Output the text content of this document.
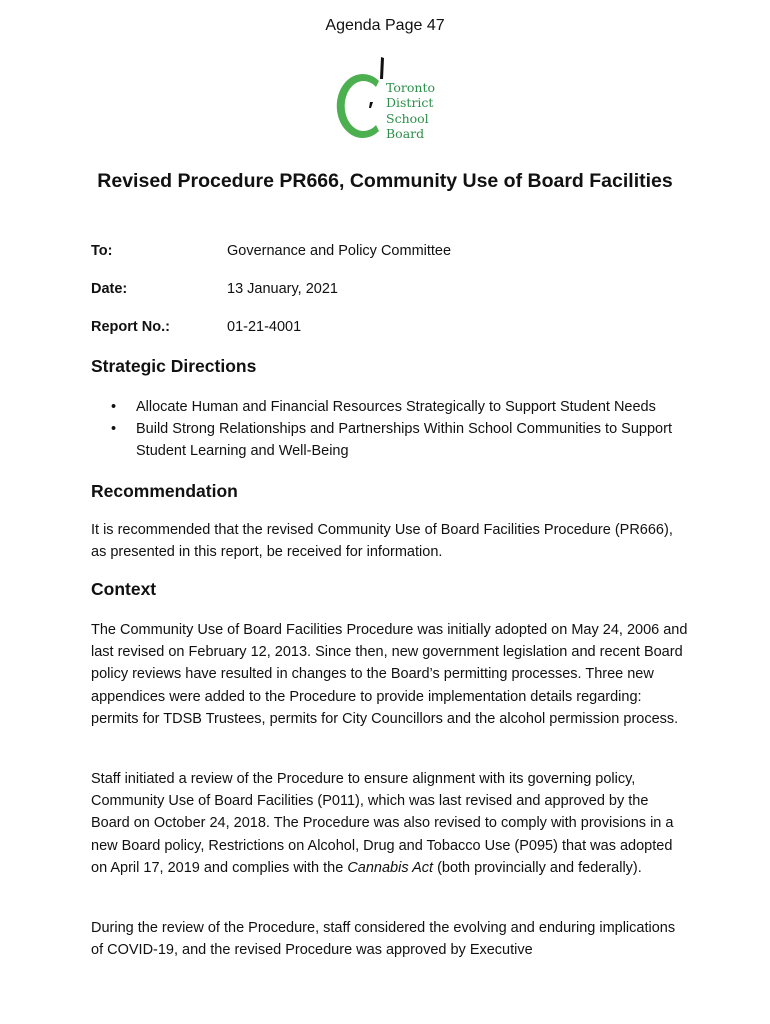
Agenda Page 47
Toronto
District
School
Board
Revised Procedure PR666, Community Use of Board Facilities
To:	Governance and Policy Committee
Date:	13 January, 2021
Report No.:	01-21-4001
Strategic Directions
• Allocate Human and Financial Resources Strategically to Support Student Needs
• Build Strong Relationships and Partnerships Within School Communities to Support Student Learning and Well-Being
Recommendation
It is recommended that the revised Community Use of Board Facilities Procedure (PR666), as presented in this report, be received for information.
Context
The Community Use of Board Facilities Procedure was initially adopted on May 24, 2006 and last revised on February 12, 2013. Since then, new government legislation and recent Board policy reviews have resulted in changes to the Board’s permitting processes. Three new appendices were added to the Procedure to provide implementation details regarding: permits for TDSB Trustees, permits for City Councillors and the alcohol permission process.
Staff initiated a review of the Procedure to ensure alignment with its governing policy, Community Use of Board Facilities (P011), which was last revised and approved by the Board on October 24, 2018. The Procedure was also revised to comply with provisions in a new Board policy, Restrictions on Alcohol, Drug and Tobacco Use (P095) that was adopted on April 17, 2019 and complies with the Cannabis Act (both provincially and federally).
During the review of the Procedure, staff considered the evolving and enduring implications of COVID-19, and the revised Procedure was approved by Executive
